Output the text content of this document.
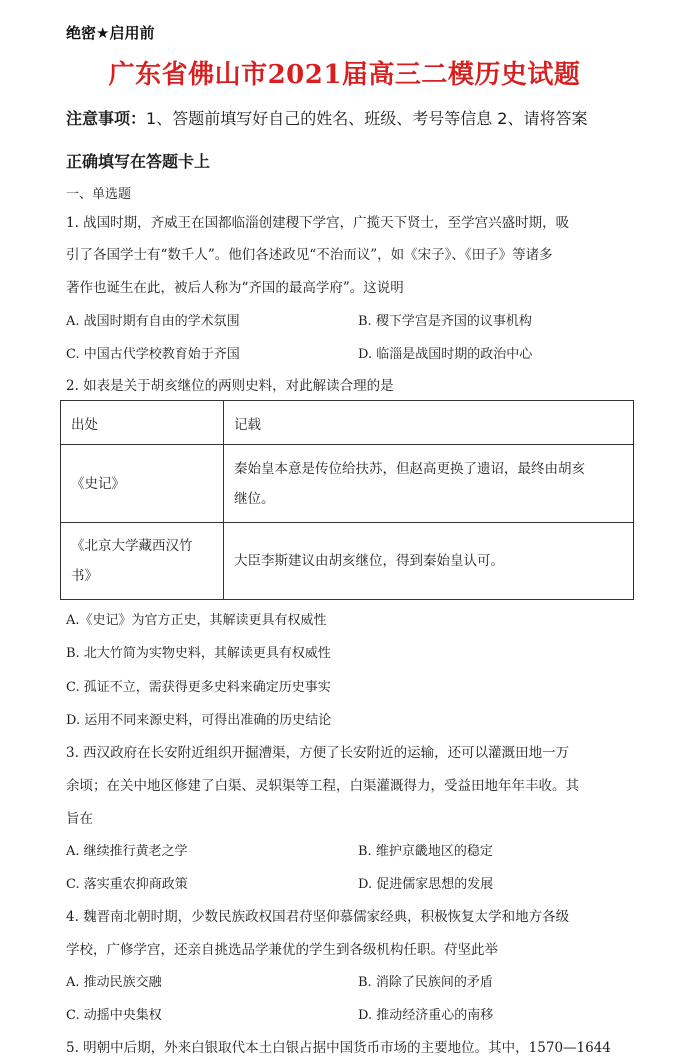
绝密★启用前
广东省佛山市2021届高三二模历史试题
注意事项：1、答题前填写好自己的姓名、班级、考号等信息 2、请将答案
正确填写在答题卡上
一、单选题
1. 战国时期，齐威王在国都临淄创建稷下学宫，广揽天下贤士，至学宫兴盛时期，吸
引了各国学士有“数千人”。他们各述政见“不治而议”，如《宋子》、《田子》等诸多
著作也诞生在此，被后人称为“齐国的最高学府”。这说明
A. 战国时期有自由的学术氛围	B. 稷下学宫是齐国的议事机构
C. 中国古代学校教育始于齐国	D. 临淄是战国时期的政治中心
2. 如表是关于胡亥继位的两则史料，对此解读合理的是
出处	记载

《史记》	秦始皇本意是传位给扶苏，但赵高更换了遗诏，最终由胡亥
继位。

《北京大学藏西汉竹
书》	大臣李斯建议由胡亥继位，得到秦始皇认可。
A.《史记》为官方正史，其解读更具有权威性
B. 北大竹简为实物史料，其解读更具有权威性
C. 孤证不立，需获得更多史料来确定历史事实
D. 运用不同来源史料，可得出准确的历史结论
3. 西汉政府在长安附近组织开掘漕渠，方便了长安附近的运输，还可以灌溉田地一万
余顷；在关中地区修建了白渠、灵轵渠等工程，白渠灌溉得力，受益田地年年丰收。其
旨在
A. 继续推行黄老之学	B. 维护京畿地区的稳定
C. 落实重农抑商政策	D. 促进儒家思想的发展
4. 魏晋南北朝时期，少数民族政权国君苻坚仰慕儒家经典，积极恢复太学和地方各级
学校，广修学宫，还亲自挑选品学兼优的学生到各级机构任职。苻坚此举
A. 推动民族交融	B. 消除了民族间的矛盾
C. 动摇中央集权	D. 推动经济重心的南移
5. 明朝中后期，外来白银取代本土白银占据中国货币市场的主要地位。其中，1570—1644
